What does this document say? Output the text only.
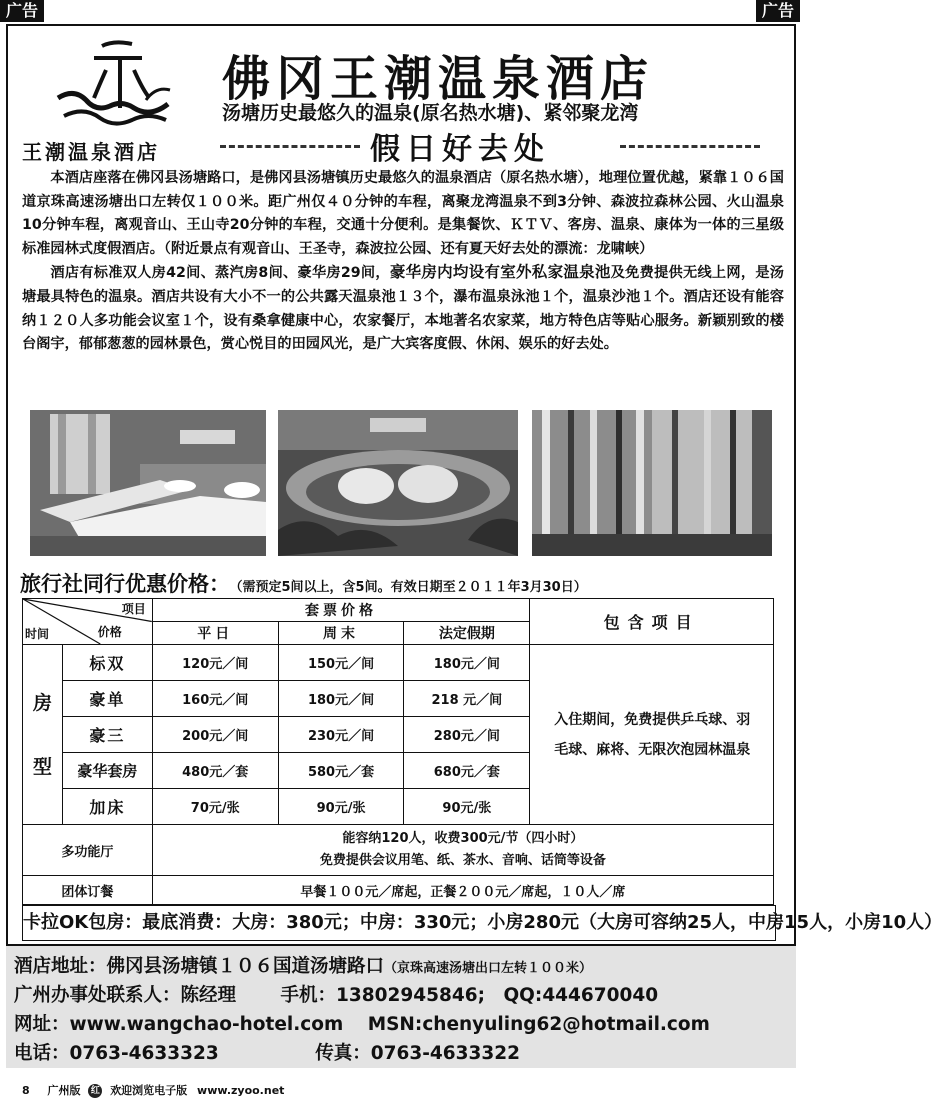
广告	广告
王潮温泉酒店
佛冈王潮温泉酒店
汤塘历史最悠久的温泉(原名热水塘)、紧邻聚龙湾
假日好去处

本酒店座落在佛冈县汤塘路口，是佛冈县汤塘镇历史最悠久的温泉酒店（原名热水塘），地理位置优越，紧靠１０６国道京珠高速汤塘出口左转仅１００米。距广州仅４０分钟的车程，离聚龙湾温泉不到3分钟、森波拉森林公园、火山温泉10分钟车程，离观音山、王山寺20分钟的车程，交通十分便利。是集餐饮、ＫＴＶ、客房、温泉、康体为一体的三星级标准园林式度假酒店。（附近景点有观音山、王圣寺，森波拉公园、还有夏天好去处的漂流：龙啸峡）

酒店有标准双人房42间、蒸汽房8间、豪华房29间，豪华房内均设有室外私家温泉池及免费提供无线上网，是汤塘最具特色的温泉。酒店共设有大小不一的公共露天温泉池１３个，瀑布温泉泳池１个，温泉沙池１个。酒店还设有能容纳１２０人多功能会议室１个，设有桑拿健康中心，农家餐厅，本地著名农家菜，地方特色店等贴心服务。新颖别致的楼台阁宇，郁郁葱葱的园林景色，赏心悦目的田园风光，是广大宾客度假、休闲、娱乐的好去处。

旅行社同行优惠价格： （需预定5间以上，含5间。有效日期至２０１１年3月30日）
项目
价格
时间		套票价格			包含项目
		平日	周末	法定假期	
房
型	标双	120元／间	150元／间	180元／间	入住期间，免费提供乒乓球、羽毛球、麻将、无限次泡园林温泉
	豪单	160元／间	180元／间	218 元／间	
	豪三	200元／间	230元／间	280元／间	
	豪华套房	480元／套	580元／套	680元／套	
	加床	70元/张	90元/张	90元/张	
多功能厅		能容纳120人，收费300元/节（四小时）
免费提供会议用笔、纸、茶水、音响、话筒等设备			

团体订餐		早餐１００元／席起，正餐２００元／席起，１０人／席			
卡拉OK包房：最底消费：大房：380元；中房：330元；小房280元（大房可容纳25人，中房15人，小房10人）
酒店地址：佛冈县汤塘镇１０６国道汤塘路口（京珠高速汤塘出口左转１００米）
广州办事处联系人：陈经理 手机：13802945846; QQ:444670040
网址：www.wangchao-hotel.com MSN:chenyuling62@hotmail.com
电话：0763-4633323	传真：0763-4633322
8 广州版 红 欢迎浏览电子版 www.zyoo.net
